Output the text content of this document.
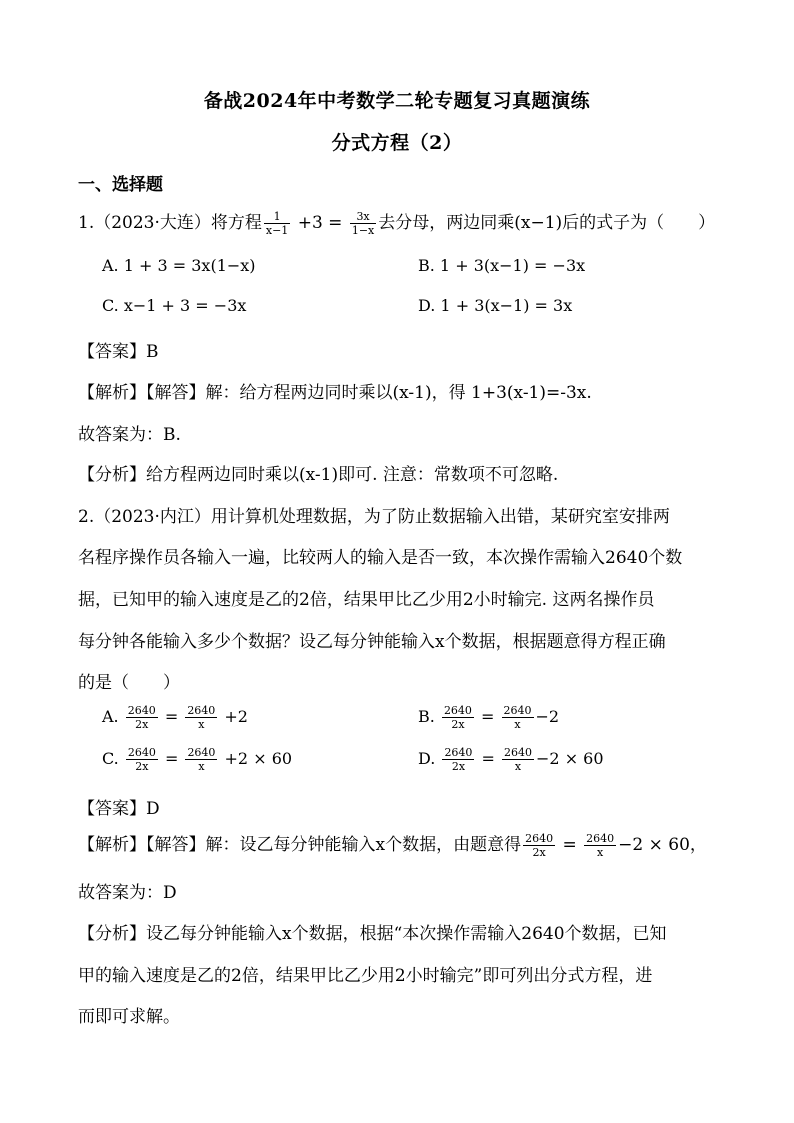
备战2024年中考数学二轮专题复习真题演练
分式方程（2）
一、选择题
1.（2023·大连）将方程 $\frac{1}{x-1} +3 = \frac{3x}{1-x}$ 去分母，两边同乘(x−1)后的式子为（　　）
A. 1 + 3 = 3x(1−x)	B. 1 + 3(x−1) = −3x
C. x−1 + 3 = −3x	D. 1 + 3(x−1) = 3x
【答案】B
【解析】【解答】解：给方程两边同时乘以(x-1)，得 1+3(x-1)=-3x.
故答案为：B.
【分析】给方程两边同时乘以(x-1)即可. 注意：常数项不可忽略.
2.（2023·内江）用计算机处理数据，为了防止数据输入出错，某研究室安排两
名程序操作员各输入一遍，比较两人的输入是否一致，本次操作需输入2640个数
据，已知甲的输入速度是乙的2倍，结果甲比乙少用2小时输完. 这两名操作员
每分钟各能输入多少个数据？设乙每分钟能输入x个数据，根据题意得方程正确
的是（　　）
A. $\frac{2640}{2x} = \frac{2640}{x} +2$	B. $\frac{2640}{2x} = \frac{2640}{x} -2$
C. $\frac{2640}{2x} = \frac{2640}{x} +2 \times 60$	D. $\frac{2640}{2x} = \frac{2640}{x} -2 \times 60$
【答案】D
【解析】【解答】解：设乙每分钟能输入x个数据，由题意得 $\frac{2640}{2x} = \frac{2640}{x} -2 \times 60$，
故答案为：D
【分析】设乙每分钟能输入x个数据，根据“本次操作需输入2640个数据，已知
甲的输入速度是乙的2倍，结果甲比乙少用2小时输完”即可列出分式方程，进
而即可求解。
